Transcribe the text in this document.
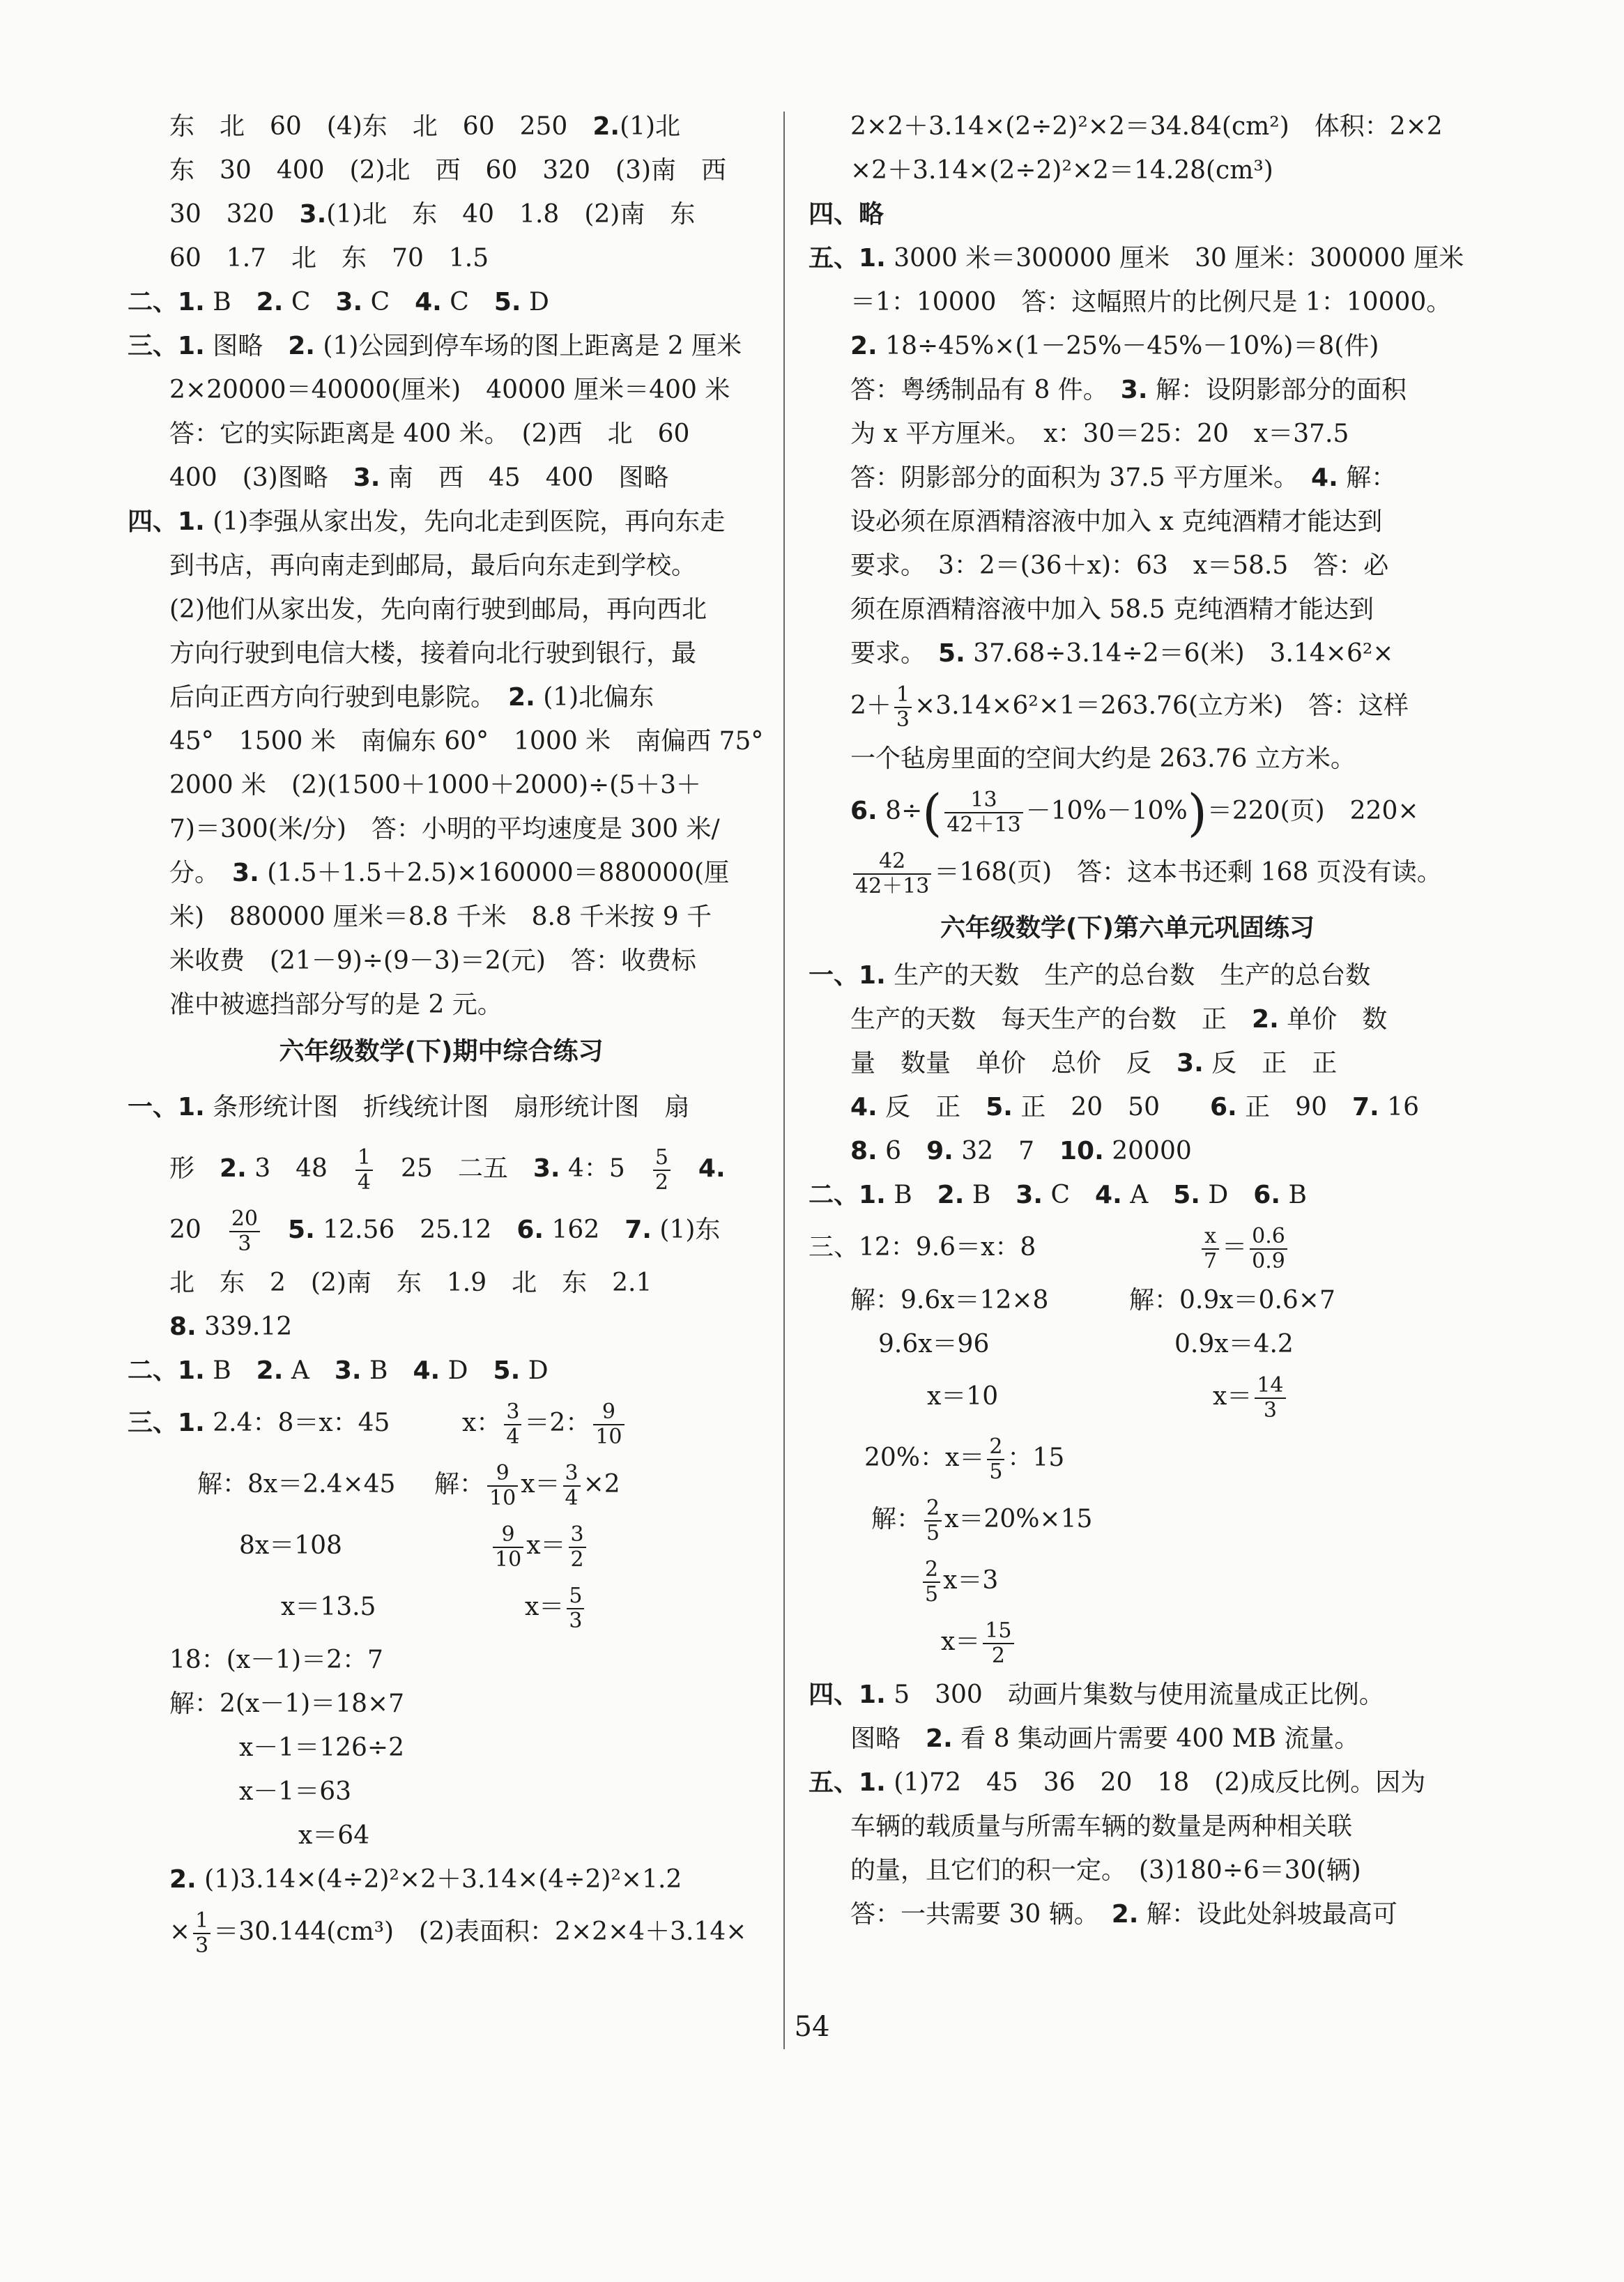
东　北　60　(4)东　北　60　250　2.(1)北
东　30　400　(2)北　西　60　320　(3)南　西
30　320　3.(1)北　东　40　1.8　(2)南　东
60　1.7　北　东　70　1.5
二、1. B　2. C　3. C　4. C　5. D
三、1. 图略　2. (1)公园到停车场的图上距离是 2 厘米
2×20000＝40000(厘米)　40000 厘米＝400 米
答：它的实际距离是 400 米。　(2)西　北　60
400　(3)图略　3. 南　西　45　400　图略
四、1. (1)李强从家出发，先向北走到医院，再向东走
到书店，再向南走到邮局，最后向东走到学校。
(2)他们从家出发，先向南行驶到邮局，再向西北
方向行驶到电信大楼，接着向北行驶到银行，最
后向正西方向行驶到电影院。　2. (1)北偏东
45°　1500 米　南偏东 60°　1000 米　南偏西 75°
2000 米　(2)(1500＋1000＋2000)÷(5＋3＋
7)＝300(米/分)　答：小明的平均速度是 300 米/
分。　3. (1.5＋1.5＋2.5)×160000＝880000(厘
米)　880000 厘米＝8.8 千米　8.8 千米按 9 千
米收费　(21－9)÷(9－3)＝2(元)　答：收费标
准中被遮挡部分写的是 2 元。
六年级数学(下)期中综合练习
一、1. 条形统计图　折线统计图　扇形统计图　扇
形　2. 3　48　 $\frac{1}{4}$ 　25　二五　3. 4：5　 $\frac{5}{2}$ 　4.
20　 $\frac{20}{3}$
　 5. 12.56　25.12　6. 162　7. (1)东
北　东　2　(2)南　东　1.9　北　东　2.1
8. 339.12
二、1. B　2. A　3. B　4. D　5. D
三、1. 2.4：8＝x：45	x： $\frac{3}{4} =2$： $\frac{9}{10}$
解：8x＝2.4×45 解： $\frac{9}{10} x= \frac{3}{4} \times 2$
8x＝108	$\frac{9}{10} x= \frac{3}{2}$
x＝13.5	$x= \frac{5}{3}$
18：(x－1)＝2：7
解：2(x－1)＝18×7
x－1＝126÷2
x－1＝63
x＝64
2. (1)3.14×(4÷2)²×2＋3.14×(4÷2)²×1.2
× $\frac{1}{3} =30.144(cm^3)$　(2)表面积：2×2×4＋3.14×
2×2＋3.14×(2÷2)²×2＝34.84(cm²)　体积：2×2
×2＋3.14×(2÷2)²×2＝14.28(cm³)
四、略
五、1. 3000 米＝300000 厘米　30 厘米：300000 厘米
＝1：10000　答：这幅照片的比例尺是 1：10000。
2. 18÷45%×(1－25%－45%－10%)＝8(件)
答：粤绣制品有 8 件。　3. 解：设阴影部分的面积
为 x 平方厘米。　x：30＝25：20　x＝37.5
答：阴影部分的面积为 37.5 平方厘米。　4. 解：
设必须在原酒精溶液中加入 x 克纯酒精才能达到
要求。　3：2＝(36＋x)：63　x＝58.5　答：必
须在原酒精溶液中加入 58.5 克纯酒精才能达到
要求。　5. 37.68÷3.14÷2＝6(米)　3.14×6²×
$2+ \frac{1}{3} \times 3.14\times 6^2\times 1=263.76$(立方米)　答：这样
一个毡房里面的空间大约是 263.76 立方米。
6. $8\div( \frac{13}{42+13} -10\%-10\%)=220$(页)　220×
$\frac{42}{42+13} =168$(页)　答：这本书还剩 168 页没有读。
六年级数学(下)第六单元巩固练习
一、1. 生产的天数　生产的总台数　生产的总台数
生产的天数　每天生产的台数　正　2. 单价　数
量　数量　单价　总价　反　3. 反　正　正
4. 反　正　5. 正　20　50　　6. 正　90　7. 16
8. 6　9. 32　7　10. 20000
二、1. B　2. B　3. C　4. A　5. D　6. B
三、12：9.6＝x：8	$\frac{x}{7} = \frac{0.6}{0.9}$
解：9.6x＝12×8	解：0.9x＝0.6×7
9.6x＝96	0.9x＝4.2
x＝10	$x= \frac{14}{3}$
20%：$x= \frac{2}{5}$ ：15
解： $\frac{2}{5} x=20\%\times 15$
$\frac{2}{5} x=3$
$x= \frac{15}{2}$
四、1. 5　300　动画片集数与使用流量成正比例。
图略　2. 看 8 集动画片需要 400 MB 流量。
五、1. (1)72　45　36　20　18　(2)成反比例。因为
车辆的载质量与所需车辆的数量是两种相关联
的量，且它们的积一定。　(3)180÷6＝30(辆)
答：一共需要 30 辆。　2. 解：设此处斜坡最高可
54
